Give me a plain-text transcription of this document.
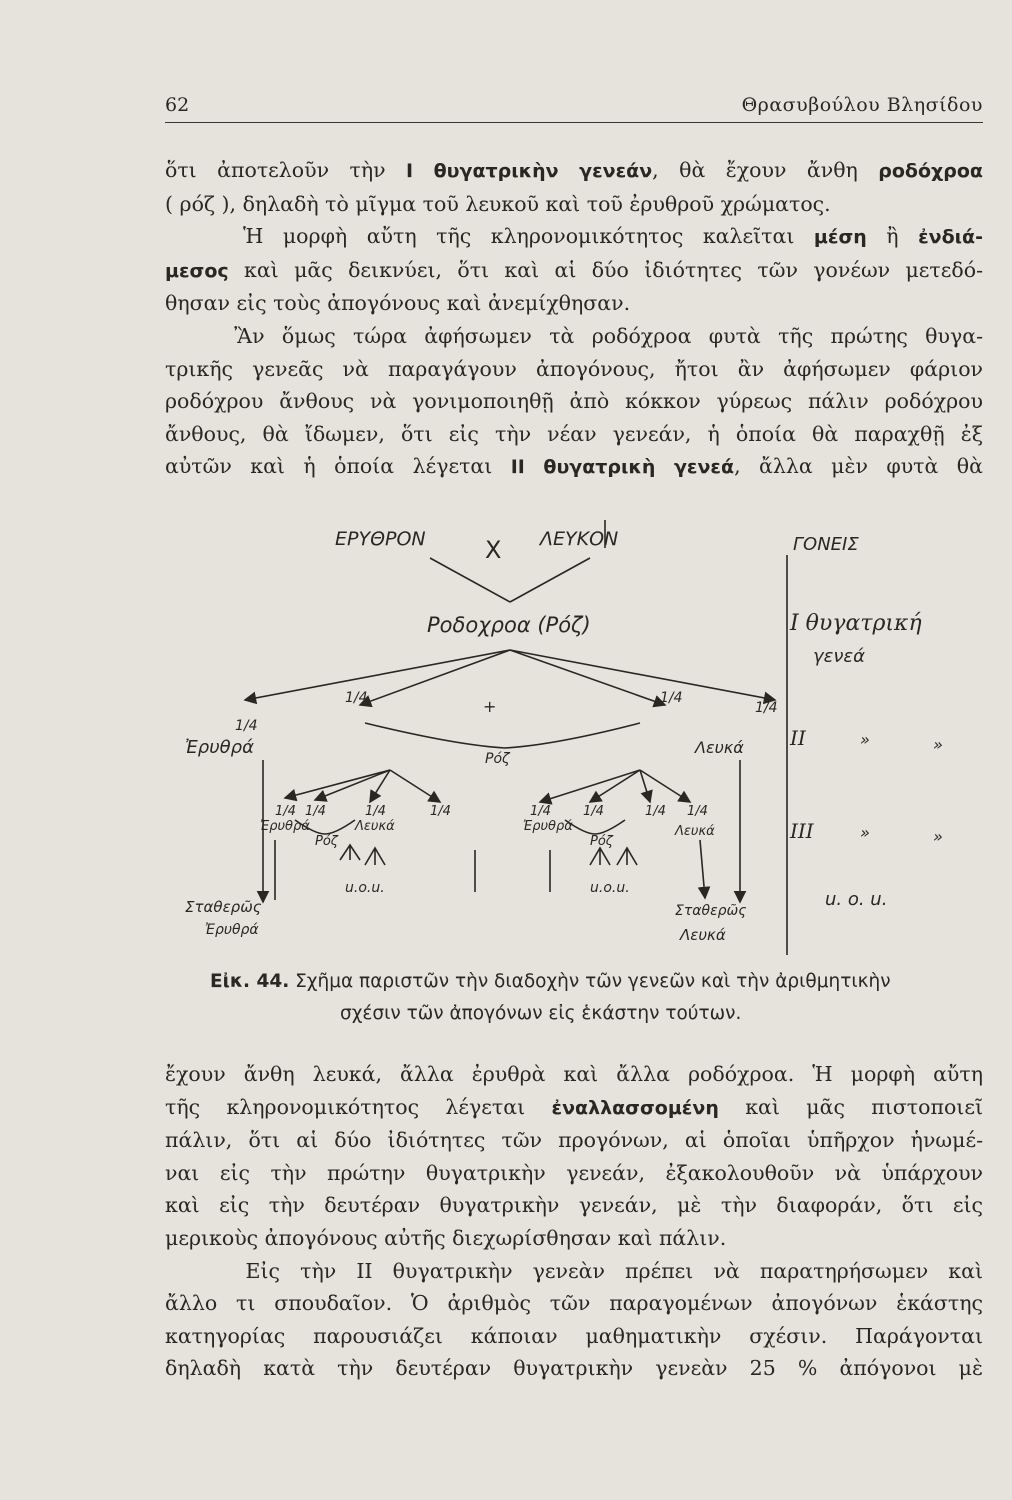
62	Θρασυβούλου Βλησίδου
ὅτι ἀποτελοῦν τὴν Ι θυγατρικὴν γενεάν, θὰ ἔχουν ἄνθη ροδόχροα
( ρόζ ), δηλαδὴ τὸ μῖγμα τοῦ λευκοῦ καὶ τοῦ ἐρυθροῦ χρώματος.
Ἡ μορφὴ αὔτη τῆς κληρονομικότητος καλεῖται μέση ἢ ἐνδιά-
μεσος καὶ μᾶς δεικνύει, ὅτι καὶ αἱ δύο ἰδιότητες τῶν γονέων μετεδό-
θησαν εἰς τοὺς ἀπογόνους καὶ ἀνεμίχθησαν.
Ἂν ὅμως τώρα ἀφήσωμεν τὰ ροδόχροα φυτὰ τῆς πρώτης θυγα-
τρικῆς γενεᾶς νὰ παραγάγουν ἀπογόνους, ἤτοι ἂν ἀφήσωμεν φάριον
ροδόχρου ἄνθους νὰ γονιμοποιηθῇ ἀπὸ κόκκον γύρεως πάλιν ροδόχρου
ἄνθους, θὰ ἴδωμεν, ὅτι εἰς τὴν νέαν γενεάν, ἡ ὁποία θὰ παραχθῇ ἐξ
αὐτῶν καὶ ἡ ὁποία λέγεται ΙΙ θυγατρικὴ γενεά, ἄλλα μὲν φυτὰ θὰ
ΕΡΥΘΡΟΝ X ΛΕΥΚΟΝ	ΓΟΝΕΙΣ
Ροδοχροα (Ρόζ)	I θυγατρική
γενεά
1/4
1/4	+	1/4
1/4
Ἐρυθρά
Ρόζ
Λευκά II	»	»
1/4 1/4	1/4	1/4	1/4 1/4	1/4 1/4
Ἐρυθρά
Ρόζ
Λευκά	Ἐρυθρά
Ρόζ
Λευκά	III	»	»
u.o.u.	u.o.u.
u. o. u.
Σταθερῶς
Ἐρυθρά
Σταθερῶς
Λευκά
Εἰκ. 44. Σχῆμα παριστῶν τὴν διαδοχὴν τῶν γενεῶν καὶ τὴν ἀριθμητικὴν
σχέσιν τῶν ἀπογόνων εἰς ἑκάστην τούτων.
ἔχουν ἄνθη λευκά, ἄλλα ἐρυθρὰ καὶ ἄλλα ροδόχροα. Ἡ μορφὴ αὔτη
τῆς κληρονομικότητος λέγεται ἐναλλασσομένη καὶ μᾶς πιστοποιεῖ
πάλιν, ὅτι αἱ δύο ἰδιότητες τῶν προγόνων, αἱ ὁποῖαι ὑπῆρχον ἡνωμέ-
ναι εἰς τὴν πρώτην θυγατρικὴν γενεάν, ἐξακολουθοῦν νὰ ὑπάρχουν
καὶ εἰς τὴν δευτέραν θυγατρικὴν γενεάν, μὲ τὴν διαφοράν, ὅτι εἰς
μερικοὺς ἀπογόνους αὐτῆς διεχωρίσθησαν καὶ πάλιν.
Εἰς τὴν ΙΙ θυγατρικὴν γενεὰν πρέπει νὰ παρατηρήσωμεν καὶ
ἄλλο τι σπουδαῖον. Ὁ ἀριθμὸς τῶν παραγομένων ἀπογόνων ἑκάστης
κατηγορίας παρουσιάζει κάποιαν μαθηματικὴν σχέσιν. Παράγονται
δηλαδὴ κατὰ τὴν δευτέραν θυγατρικὴν γενεὰν 25 % ἀπόγονοι μὲ
